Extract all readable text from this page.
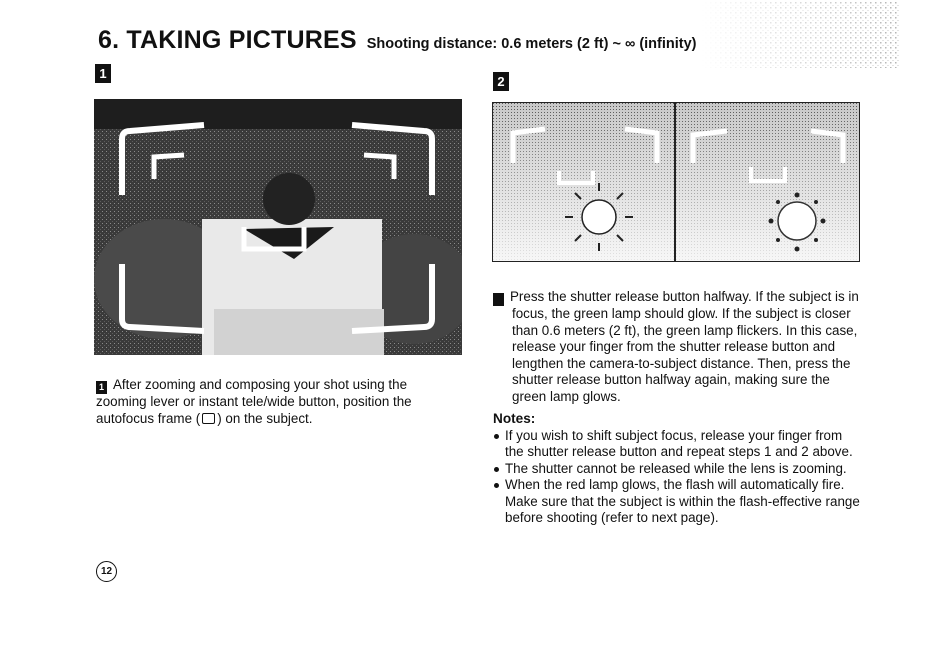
6. TAKING PICTURES Shooting distance: 0.6 meters (2 ft) ~ ∞ (infinity)
1
1 After zooming and composing your shot using the zooming lever or instant tele/wide button, position the autofocus frame ( ) on the subject.
2
2 Press the shutter release button halfway. If the subject is in focus, the green lamp should glow. If the subject is closer than 0.6 meters (2 ft), the green lamp flickers. In this case, release your finger from the shutter release button and lengthen the camera-to-subject distance. Then, press the shutter release button halfway again, making sure the green lamp glows.
Notes:
If you wish to shift subject focus, release your finger from the shutter release button and repeat steps 1 and 2 above.
The shutter cannot be released while the lens is zooming.
When the red lamp glows, the flash will automatically fire. Make sure that the subject is within the flash-effective range before shooting (refer to next page).
12
